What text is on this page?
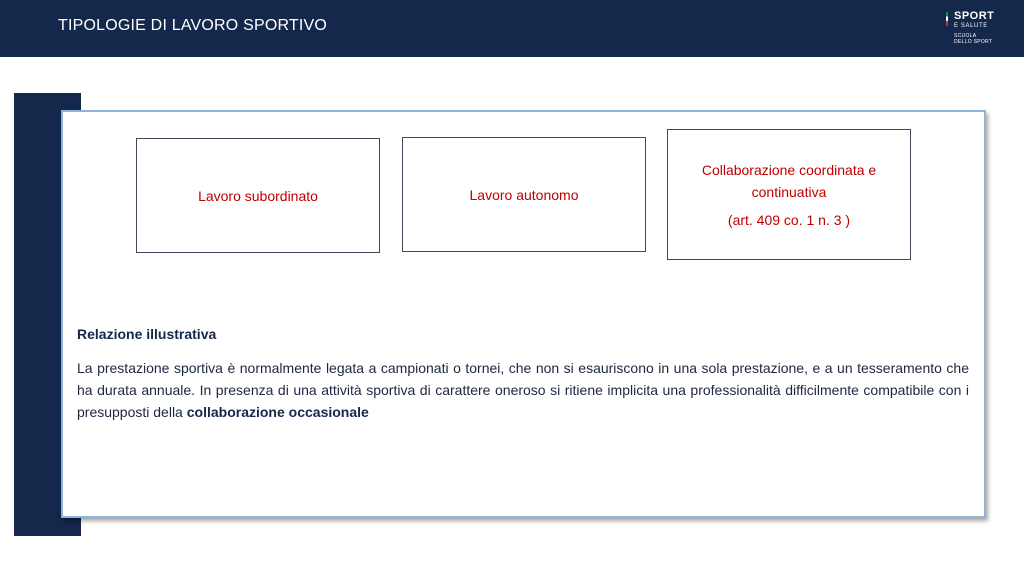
TIPOLOGIE DI LAVORO SPORTIVO
SPORT
E SALUTE
SCUOLA
DELLO SPORT
Lavoro subordinato	Lavoro autonomo
Collaborazione coordinata e continuativa
(art. 409 co. 1 n. 3 )
Relazione illustrativa
La prestazione sportiva è normalmente legata a campionati o tornei, che non si esauriscono in una sola prestazione, e a un tesseramento che ha durata annuale. In presenza di una attività sportiva di carattere oneroso si ritiene implicita una professionalità difficilmente compatibile con i presupposti della collaborazione occasionale
